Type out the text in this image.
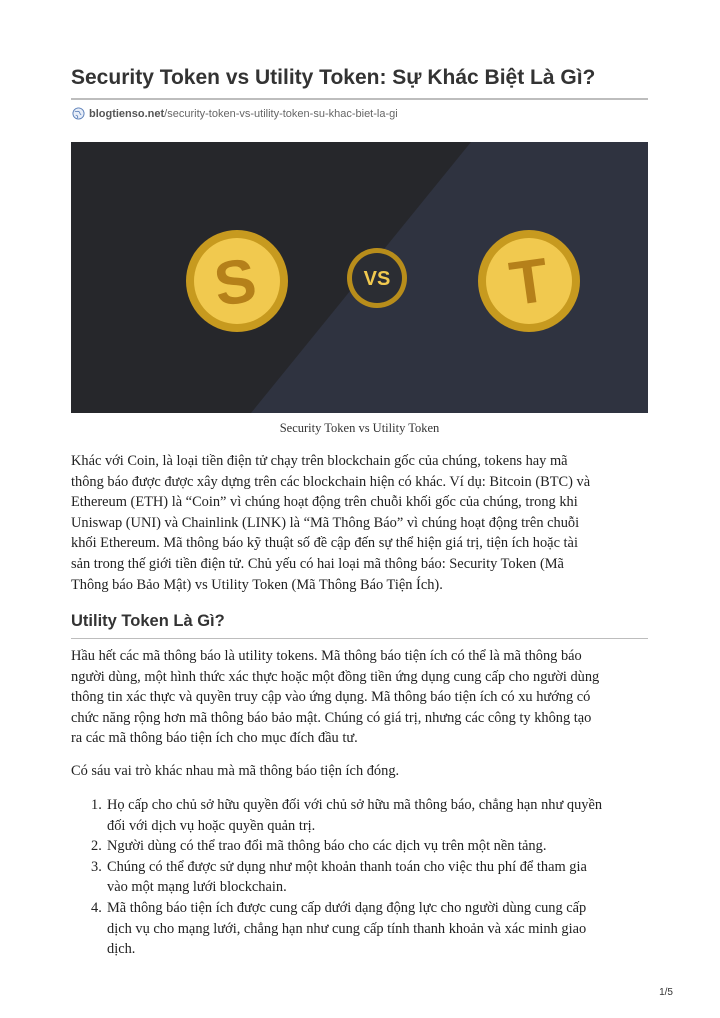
Security Token vs Utility Token: Sự Khác Biệt Là Gì?
blogtienso.net /security-token-vs-utility-token-su-khac-biet-la-gi
S	VS T
Security Token vs Utility Token
Khác với Coin, là loại tiền điện tử chạy trên blockchain gốc của chúng, tokens hay mã
thông báo được được xây dựng trên các blockchain hiện có khác. Ví dụ: Bitcoin (BTC) và
Ethereum (ETH) là “Coin” vì chúng hoạt động trên chuỗi khối gốc của chúng, trong khi
Uniswap (UNI) và Chainlink (LINK) là “Mã Thông Báo” vì chúng hoạt động trên chuỗi
khối Ethereum. Mã thông báo kỹ thuật số đề cập đến sự thể hiện giá trị, tiện ích hoặc tài
sản trong thế giới tiền điện tử. Chủ yếu có hai loại mã thông báo: Security Token (Mã
Thông báo Bảo Mật) vs Utility Token (Mã Thông Báo Tiện Ích).
Utility Token Là Gì?
Hầu hết các mã thông báo là utility tokens. Mã thông báo tiện ích có thể là mã thông báo
người dùng, một hình thức xác thực hoặc một đồng tiền ứng dụng cung cấp cho người dùng
thông tin xác thực và quyền truy cập vào ứng dụng. Mã thông báo tiện ích có xu hướng có
chức năng rộng hơn mã thông báo bảo mật. Chúng có giá trị, nhưng các công ty không tạo
ra các mã thông báo tiện ích cho mục đích đầu tư.
Có sáu vai trò khác nhau mà mã thông báo tiện ích đóng.
1. Họ cấp cho chủ sở hữu quyền đối với chủ sở hữu mã thông báo, chẳng hạn như quyền
đối với dịch vụ hoặc quyền quản trị.
2. Người dùng có thể trao đổi mã thông báo cho các dịch vụ trên một nền tảng.
3. Chúng có thể được sử dụng như một khoản thanh toán cho việc thu phí để tham gia
vào một mạng lưới blockchain.
4. Mã thông báo tiện ích được cung cấp dưới dạng động lực cho người dùng cung cấp
dịch vụ cho mạng lưới, chẳng hạn như cung cấp tính thanh khoản và xác minh giao
dịch.
1/5
